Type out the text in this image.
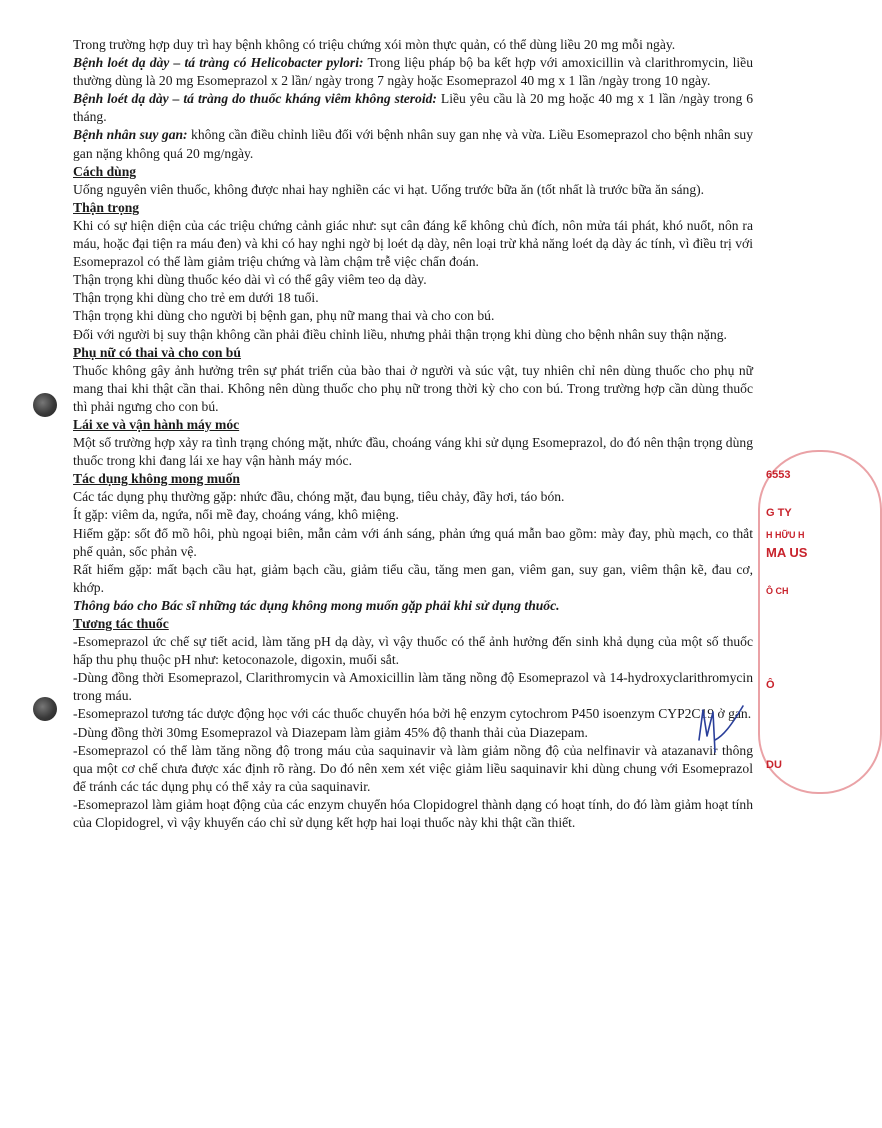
Trong trường hợp duy trì hay bệnh không có triệu chứng xói mòn thực quản, có thể dùng liều 20 mg mỗi ngày.

Bệnh loét dạ dày – tá tràng có Helicobacter pylori: Trong liệu pháp bộ ba kết hợp với amoxicillin và clarithromycin, liều thường dùng là 20 mg Esomeprazol x 2 lần/ ngày trong 7 ngày hoặc Esomeprazol 40 mg x 1 lần /ngày trong 10 ngày.

Bệnh loét dạ dày – tá tràng do thuốc kháng viêm không steroid: Liều yêu cầu là 20 mg hoặc 40 mg x 1 lần /ngày trong 6 tháng.

Bệnh nhân suy gan: không cần điều chỉnh liều đối với bệnh nhân suy gan nhẹ và vừa. Liều Esomeprazol cho bệnh nhân suy gan nặng không quá 20 mg/ngày.

Cách dùng

Uống nguyên viên thuốc, không được nhai hay nghiền các vi hạt. Uống trước bữa ăn (tốt nhất là trước bữa ăn sáng).

Thận trọng

Khi có sự hiện diện của các triệu chứng cảnh giác như: sụt cân đáng kể không chủ đích, nôn mửa tái phát, khó nuốt, nôn ra máu, hoặc đại tiện ra máu đen) và khi có hay nghi ngờ bị loét dạ dày, nên loại trừ khả năng loét dạ dày ác tính, vì điều trị với Esomeprazol có thể làm giảm triệu chứng và làm chậm trễ việc chẩn đoán.

Thận trọng khi dùng thuốc kéo dài vì có thể gây viêm teo dạ dày.

Thận trọng khi dùng cho trẻ em dưới 18 tuổi.

Thận trọng khi dùng cho người bị bệnh gan, phụ nữ mang thai và cho con bú.

Đối với người bị suy thận không cần phải điều chỉnh liều, nhưng phải thận trọng khi dùng cho bệnh nhân suy thận nặng.

Phụ nữ có thai và cho con bú

Thuốc không gây ảnh hưởng trên sự phát triển của bào thai ở người và súc vật, tuy nhiên chỉ nên dùng thuốc cho phụ nữ mang thai khi thật cần thai. Không nên dùng thuốc cho phụ nữ trong thời kỳ cho con bú. Trong trường hợp cần dùng thuốc thì phải ngưng cho con bú.

Lái xe và vận hành máy móc

Một số trường hợp xảy ra tình trạng chóng mặt, nhức đầu, choáng váng khi sử dụng Esomeprazol, do đó nên thận trọng dùng thuốc trong khi đang lái xe hay vận hành máy móc.

Tác dụng không mong muốn

Các tác dụng phụ thường gặp: nhức đầu, chóng mặt, đau bụng, tiêu chảy, đầy hơi, táo bón.

Ít gặp: viêm da, ngứa, nổi mề đay, choáng váng, khô miệng.

Hiếm gặp: sốt đổ mồ hôi, phù ngoại biên, mẫn cảm với ánh sáng, phản ứng quá mẫn bao gồm: mày đay, phù mạch, co thắt phế quản, sốc phản vệ.

Rất hiếm gặp: mất bạch cầu hạt, giảm bạch cầu, giảm tiểu cầu, tăng men gan, viêm gan, suy gan, viêm thận kẽ, đau cơ, khớp.

Thông báo cho Bác sĩ những tác dụng không mong muốn gặp phải khi sử dụng thuốc.

Tương tác thuốc

-Esomeprazol ức chế sự tiết acid, làm tăng pH dạ dày, vì vậy thuốc có thể ảnh hưởng đến sinh khả dụng của một số thuốc hấp thu phụ thuộc pH như: ketoconazole, digoxin, muối sắt.

-Dùng đồng thời Esomeprazol, Clarithromycin và Amoxicillin làm tăng nồng độ Esomeprazol và 14-hydroxyclarithromycin trong máu.

-Esomeprazol tương tác dược động học với các thuốc chuyển hóa bởi hệ enzym cytochrom P450 isoenzym CYP2C19 ở gan.

-Dùng đồng thời 30mg Esomeprazol và Diazepam làm giảm 45% độ thanh thải của Diazepam.

-Esomeprazol có thể làm tăng nồng độ trong máu của saquinavir và làm giảm nồng độ của nelfinavir và atazanavir thông qua một cơ chế chưa được xác định rõ ràng. Do đó nên xem xét việc giảm liều saquinavir khi dùng chung với Esomeprazol để tránh các tác dụng phụ có thể xảy ra của saquinavir.

-Esomeprazol làm giảm hoạt động của các enzym chuyển hóa Clopidogrel thành dạng có hoạt tính, do đó làm giảm hoạt tính của Clopidogrel, vì vậy khuyến cáo chỉ sử dụng kết hợp hai loại thuốc này khi thật cần thiết.

6553
G TY
H HỮU H
MA US
Ô CH
Ô
DU
